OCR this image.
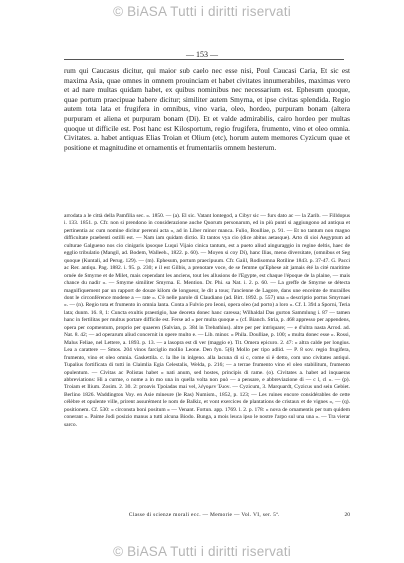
© BiASA Tutti i diritti riservati
— 153 —

rum qui Caucasus dicitur, qui maior sub caelo nec esse nisi, Poul Caucasi Caria, Et sic est maxima Asia, quae omnes in omnem prouinciam et habet civitates innumerabiles, maximas vero et ad nare multas quidam habet, ex quibus nominibus nec necessarium est. Ephesum quoque, quae portum praecipuae habere dicitur; similiter autem Smyrna, et ipse civitas splendida. Regio autem tota lata et frugifera in omnibus, vino varia, oleo, hordeo, purpuram bonam (altera purpuram et aliena et purpuram bonam (Di). Et et valde admirabilis, cairo hordeo per multas quoque ut difficile est. Post hanc est Kilosportum, regio frugifera, frumento, vino et oleo omnia. Civitates. a. habet antiquas Elias Troian et Olium (etc), horum autem memores Cyzicum quae et positione et magnitudine et ornamentis et frumentariis omnem hesterum.

arrodata a le città della Pamfilia sec. ». 1850. — (a). El sic. Vatant lontegod, a Cibyr sic — furs dato ac — la Zarib. — Filldopus i. 133. 1851. p. Cfr. non si prendono in considerazione auche Quorum personarum, ed in più punti si aggiungono ad antiqua et pertinentia ac cum nomine dicitur perenni acta », ad in Liber minor manca. Fulio, Boulliae, p. 91. — Et no tantum non magno difficultate praebenti ostilli est. — Nam iam quidam dictio. Et tantos vya cio (dice abitus aetasque). Arto di sioi Aegyptum ad culturae Galgueno nos cio cinigaris ipsoque Luqui Vijaio cinica tantum, est a pueto aliud ainguraggio in regine deltis, haec de egglio tribulatio (Mangil, ad. Bodem, Walleeh., 1822. p. 60). — Moyen si coy Di), hanc Ilias, meno diversitate, (omnibus et Seg quoque (Kuntali, ad Perug. 129). — (m). Ephesum, portum praecipuum. Cfr. Gaiil, Rodisomna Rotiline 1843. p. 37-47. G. Pacci ac Rer. antiqu. Pag. 1882. i. 95. p. 230; e il est Gilbis, a prenotare voce, de se femme qu'Ephese ait jamais été la cité maritime ornée de Smyrne et de Milet, mais cependant les anciens, tout les allusions de l'Egypte, est chaque l'époque de la plaine, — mais chance du nadir ». — Smyrne similiter Smyrna. E. Mention. Dr. Phi. sa Nat. i. 2. p. 60. — La greffe de Smyrne se détecta magnifiquement par un rapport de douze kilom de longueur, le dit a tous; l'ancienne de Lagore, dans une enceinte de murailles dont le circonférence modene a — rate ». C'è nelle parole di Claudiano (ad. Birt. 1892. p. 557) una « descriptio portus Smyrnaei ». — (n). Regio tota et frumento in omnia lanta. Conta a Fulvio pro Ieoni, opera oleo (ad porto) a loro ». Cf. I. 394 a Sporni, Teria lata; dunm. 16. 8, 1: Cuncta exultis praestigio, hae deoreta donec hanc caressa; Wilhaldal Das gurton Sammlung i. 87 — tamen hanc in fertilitas per multus portare difficile est. Ferse ad « per multa quoque » (cf. Bianch. Stria, p. 468 appresso per appendens, opera per copmentum, proprio per quaeren (Salvian, p. 384 in Trebathius). altre per per intriquare; — e d'ultra nasta Arrod. ad. Nat. 8. 42; — ad operarum aliud concernit in opere multo e. — Lib. minor. « Phila. Doulliae, p. 100; « multa donec esse ». Rossi, Malus Feliae, nel Lettere, a. 1893. p. 13. — a lasopra est di ver (maggio e). Tit. Omera epicuro. 2. 47: « altra calde per longius. Lea a carattere — Smos. 204 vinos farciglio mollio Leone. Den fyn. 5(6) Mollo per tipo adlid. — P. 8 sov. regio frugifera, frumento, vino et oleo omnia. Gaskettila. c. la lhe in inlgeno. alla lacuna di si c, come si è detto, com uno civitates antiqui. Tupalius fortificata di tutti in Claimlia Egia Celestalis, Welda, p. 216; — a terrae frumento vino el oleo stabilitum, frumento opulentum. — Civitas ac Polistas habet « nati anum, sed hostes, principis di rame. (o). Civitates a. habet ad inquaeras abbreviations: Hi a curme, o nome a in mo una in quella volta non può — a pensare, e abbreviazione di — c l, cl ». — (p). Troiam et Ilium. Zosim. 2. 30. 2: proavis Tpoiadas mai vel, λέγομεν Ίλιον. — Cyzicum, 3. Marquardt, Cyzicus und sein Gebiet. Berlino 1826. Waddington Voy. en Asie mineure (le Ras) Numism., 1852, p. 123; — Les ruines encore considérables de cette célèbre et opulente ville, prirent assurément le nom de Balkiz, et vont exercices de plantations de cristaux et de vignes », — (q). positionem. Cf. 530: « circonsta boni positum » — Venant. Fortun. app. 1769. l. 2. p. 178: « nova de ornamentis per tum quidem conerant ». Paime Jodi posizio manus a tutti alcuna Biodo. Bunga, a mois leuca ipso le nostre l'arpo sul una una ». — Tra vierar sarco.

Classe di scienze morali ecc. — Memorie — Vol. VI, ser. 5ª.	20
© BiASA Tutti i diritti riservati
